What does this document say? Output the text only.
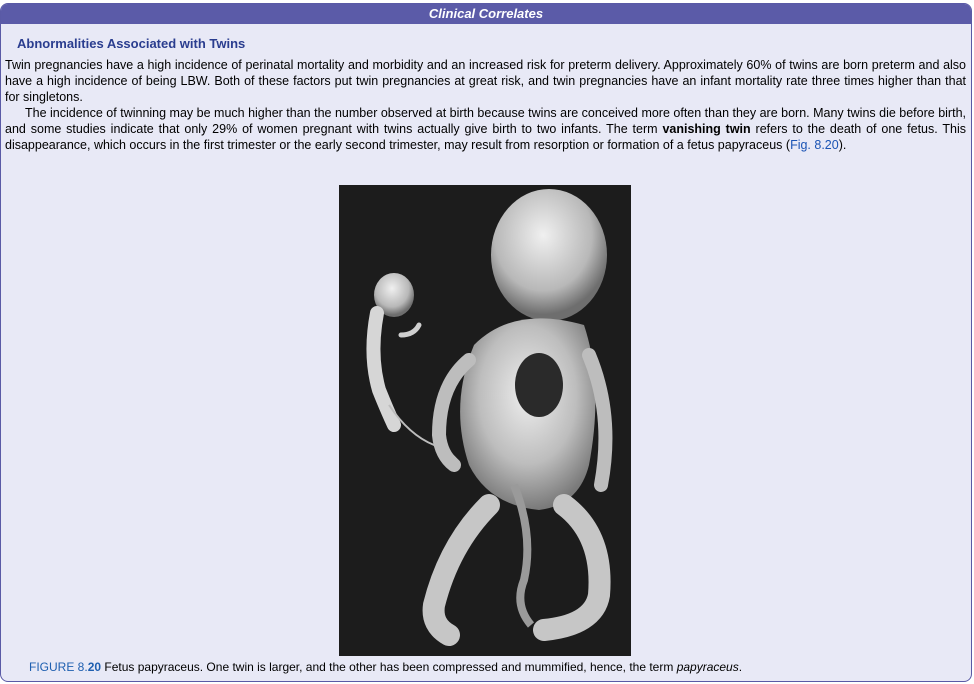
Clinical Correlates
Abnormalities Associated with Twins

Twin pregnancies have a high incidence of perinatal mortality and morbidity and an increased risk for preterm delivery. Approximately 60% of twins are born preterm and also have a high incidence of being LBW. Both of these factors put twin pregnancies at great risk, and twin pregnancies have an infant mortality rate three times higher than that for singletons.

The incidence of twinning may be much higher than the number observed at birth because twins are conceived more often than they are born. Many twins die before birth, and some studies indicate that only 29% of women pregnant with twins actually give birth to two infants. The term vanishing twin refers to the death of one fetus. This disappearance, which occurs in the first trimester or the early second trimester, may result from resorption or formation of a fetus papyraceus (Fig. 8.20).

FIGURE 8.20 Fetus papyraceus. One twin is larger, and the other has been compressed and mummified, hence, the term papyraceus.
